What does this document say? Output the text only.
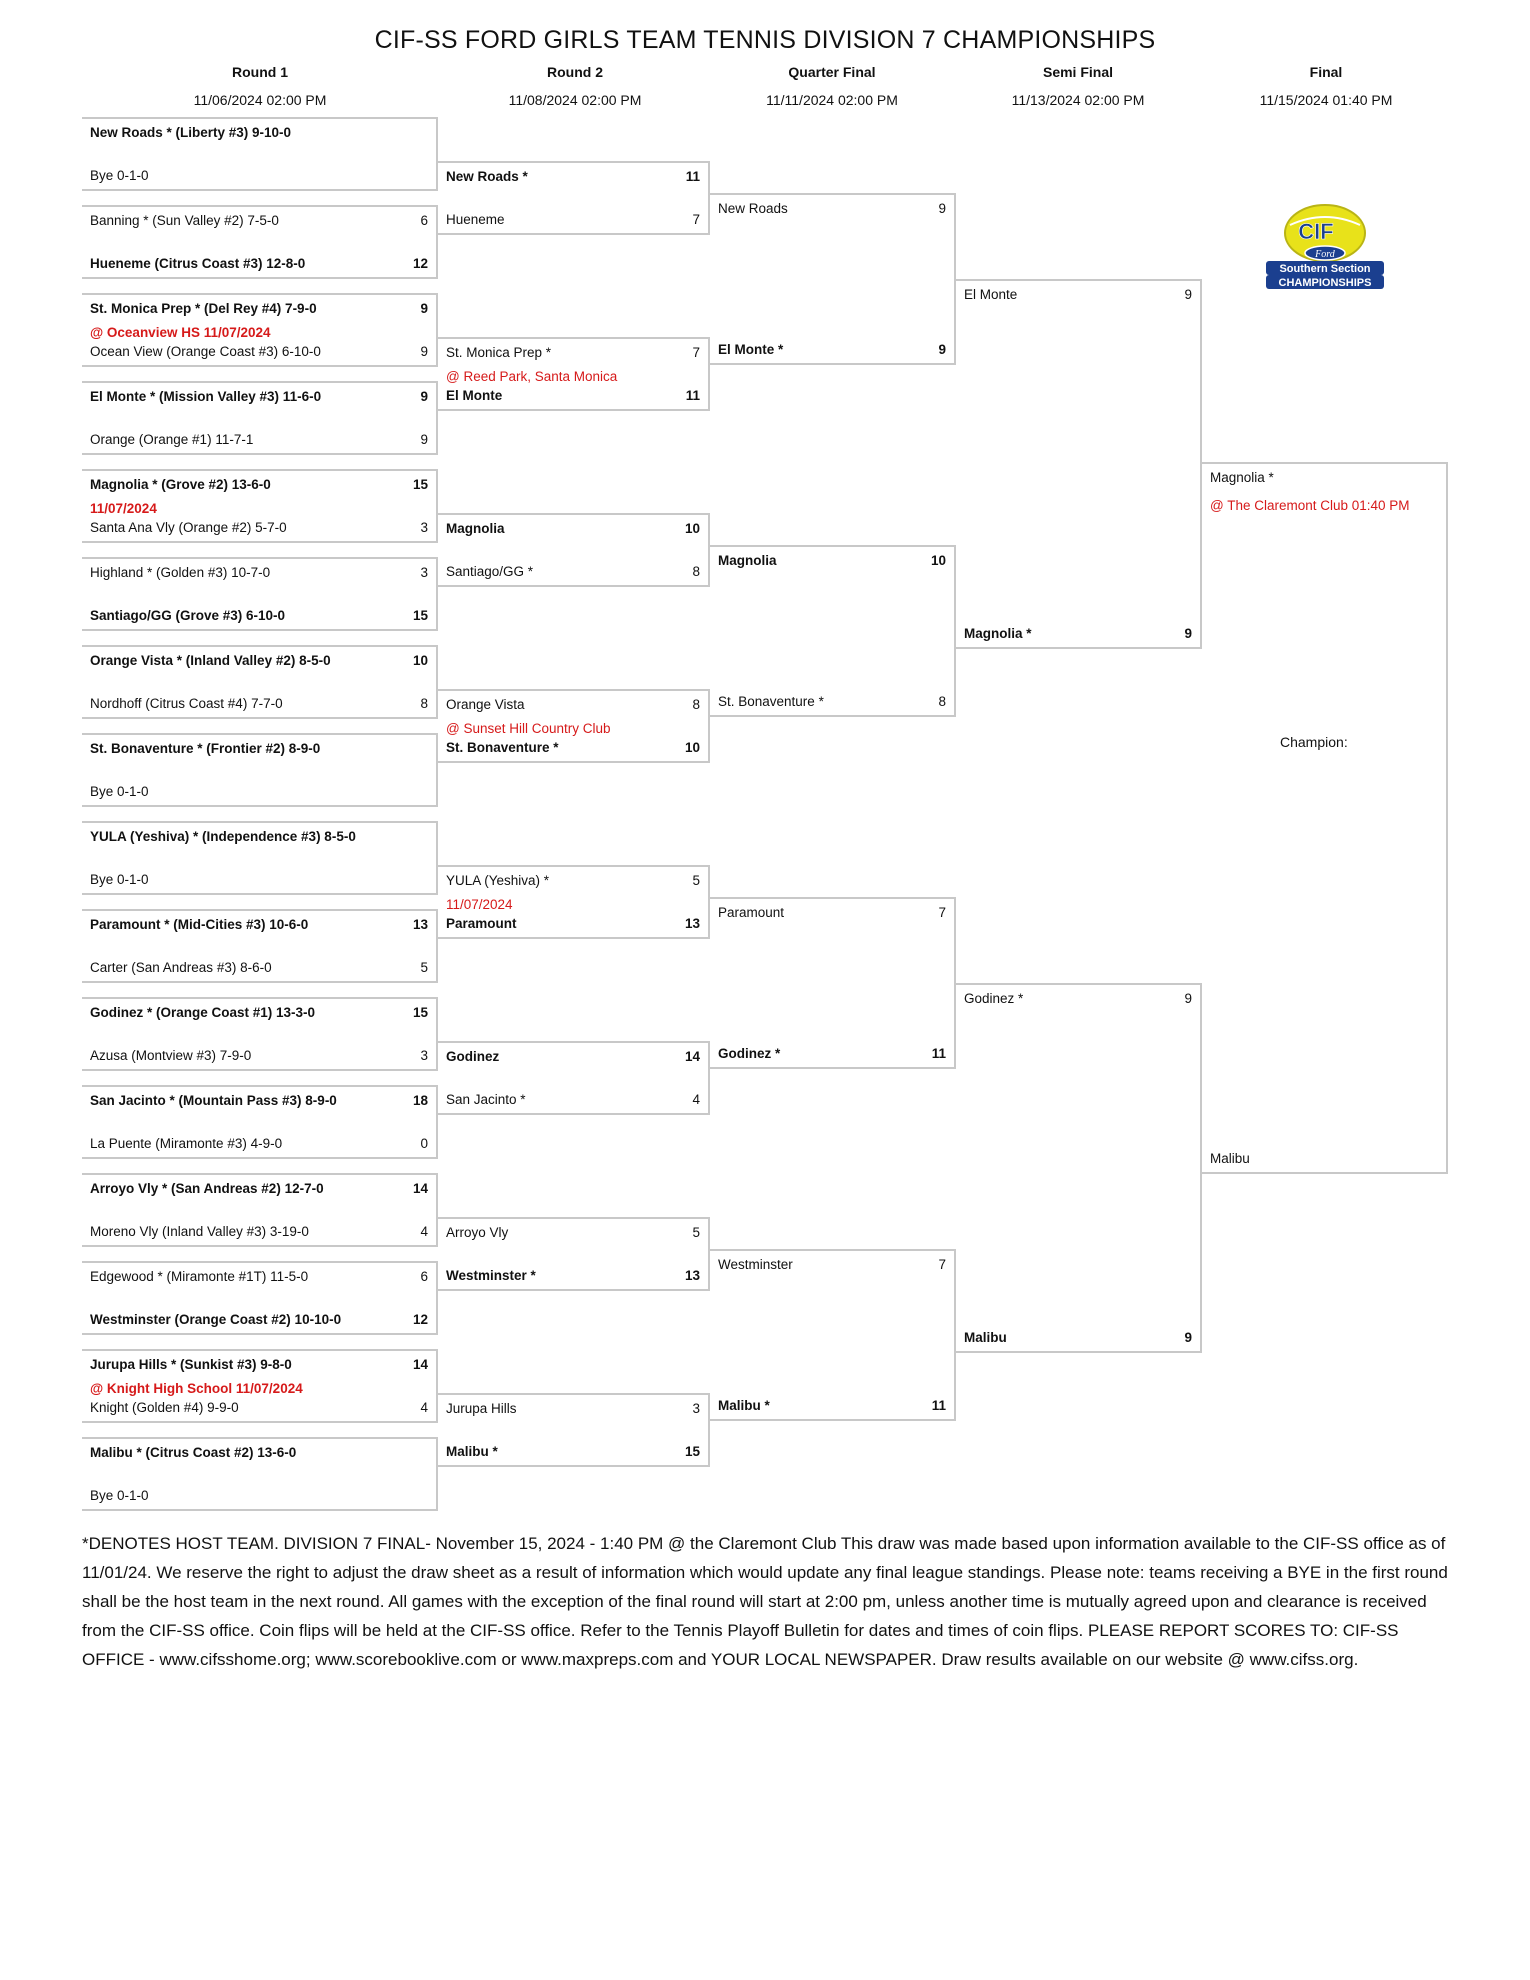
CIF-SS FORD GIRLS TEAM TENNIS DIVISION 7 CHAMPIONSHIPS
Round 1
11/06/2024 02:00 PM
Round 2
11/08/2024 02:00 PM
Quarter Final
11/11/2024 02:00 PM
Semi Final
11/13/2024 02:00 PM
Final
11/15/2024 01:40 PM
New Roads * (Liberty #3) 9-10-0
Bye 0-1-0
Banning * (Sun Valley #2) 7-5-0	6
Hueneme (Citrus Coast #3) 12-8-0	12
St. Monica Prep * (Del Rey #4) 7-9-0	9
@ Oceanview HS 11/07/2024
Ocean View (Orange Coast #3) 6-10-0	9
El Monte * (Mission Valley #3) 11-6-0	9
Orange (Orange #1) 11-7-1	9
Magnolia * (Grove #2) 13-6-0	15
11/07/2024
Santa Ana Vly (Orange #2) 5-7-0	3
Highland * (Golden #3) 10-7-0	3
Santiago/GG (Grove #3) 6-10-0	15
Orange Vista * (Inland Valley #2) 8-5-0	10
Nordhoff (Citrus Coast #4) 7-7-0	8
St. Bonaventure * (Frontier #2) 8-9-0
Bye 0-1-0
YULA (Yeshiva) * (Independence #3) 8-5-0
Bye 0-1-0
Paramount * (Mid-Cities #3) 10-6-0	13
Carter (San Andreas #3) 8-6-0	5
Godinez * (Orange Coast #1) 13-3-0	15
Azusa (Montview #3) 7-9-0	3
San Jacinto * (Mountain Pass #3) 8-9-0	18
La Puente (Miramonte #3) 4-9-0	0
Arroyo Vly * (San Andreas #2) 12-7-0	14
Moreno Vly (Inland Valley #3) 3-19-0	4
Edgewood * (Miramonte #1T) 11-5-0	6
Westminster (Orange Coast #2) 10-10-0	12
Jurupa Hills * (Sunkist #3) 9-8-0	14
@ Knight High School 11/07/2024
Knight (Golden #4) 9-9-0	4
Malibu * (Citrus Coast #2) 13-6-0
Bye 0-1-0
New Roads *	11
Hueneme	7
St. Monica Prep *	7
@ Reed Park, Santa Monica
El Monte	11
Magnolia	10
Santiago/GG *	8
Orange Vista	8
@ Sunset Hill Country Club
St. Bonaventure *	10
YULA (Yeshiva) *	5
11/07/2024
Paramount	13
Godinez	14
San Jacinto *	4
Arroyo Vly	5
Westminster *	13
Jurupa Hills	3
Malibu *	15
New Roads	9
El Monte *	9
Magnolia	10
St. Bonaventure *	8
Paramount	7
Godinez *	11
Westminster	7
Malibu *	11
El Monte	9
Magnolia *	9
Godinez *	9
Malibu	9
Magnolia *
@ The Claremont Club 01:40 PM
Malibu
CIF
Ford
Southern Section
CHAMPIONSHIPS
Champion:
*DENOTES HOST TEAM. DIVISION 7 FINAL- November 15, 2024 - 1:40 PM @ the Claremont Club This draw was made based upon information available to the CIF-SS office as of 11/01/24. We reserve the right to adjust the draw sheet as a result of information which would update any final league standings. Please note: teams receiving a BYE in the first round shall be the host team in the next round. All games with the exception of the final round will start at 2:00 pm, unless another time is mutually agreed upon and clearance is received from the CIF-SS office. Coin flips will be held at the CIF-SS office. Refer to the Tennis Playoff Bulletin for dates and times of coin flips. PLEASE REPORT SCORES TO: CIF-SS OFFICE - www.cifsshome.org; www.scorebooklive.com or www.maxpreps.com and YOUR LOCAL NEWSPAPER. Draw results available on our website @ www.cifss.org.
